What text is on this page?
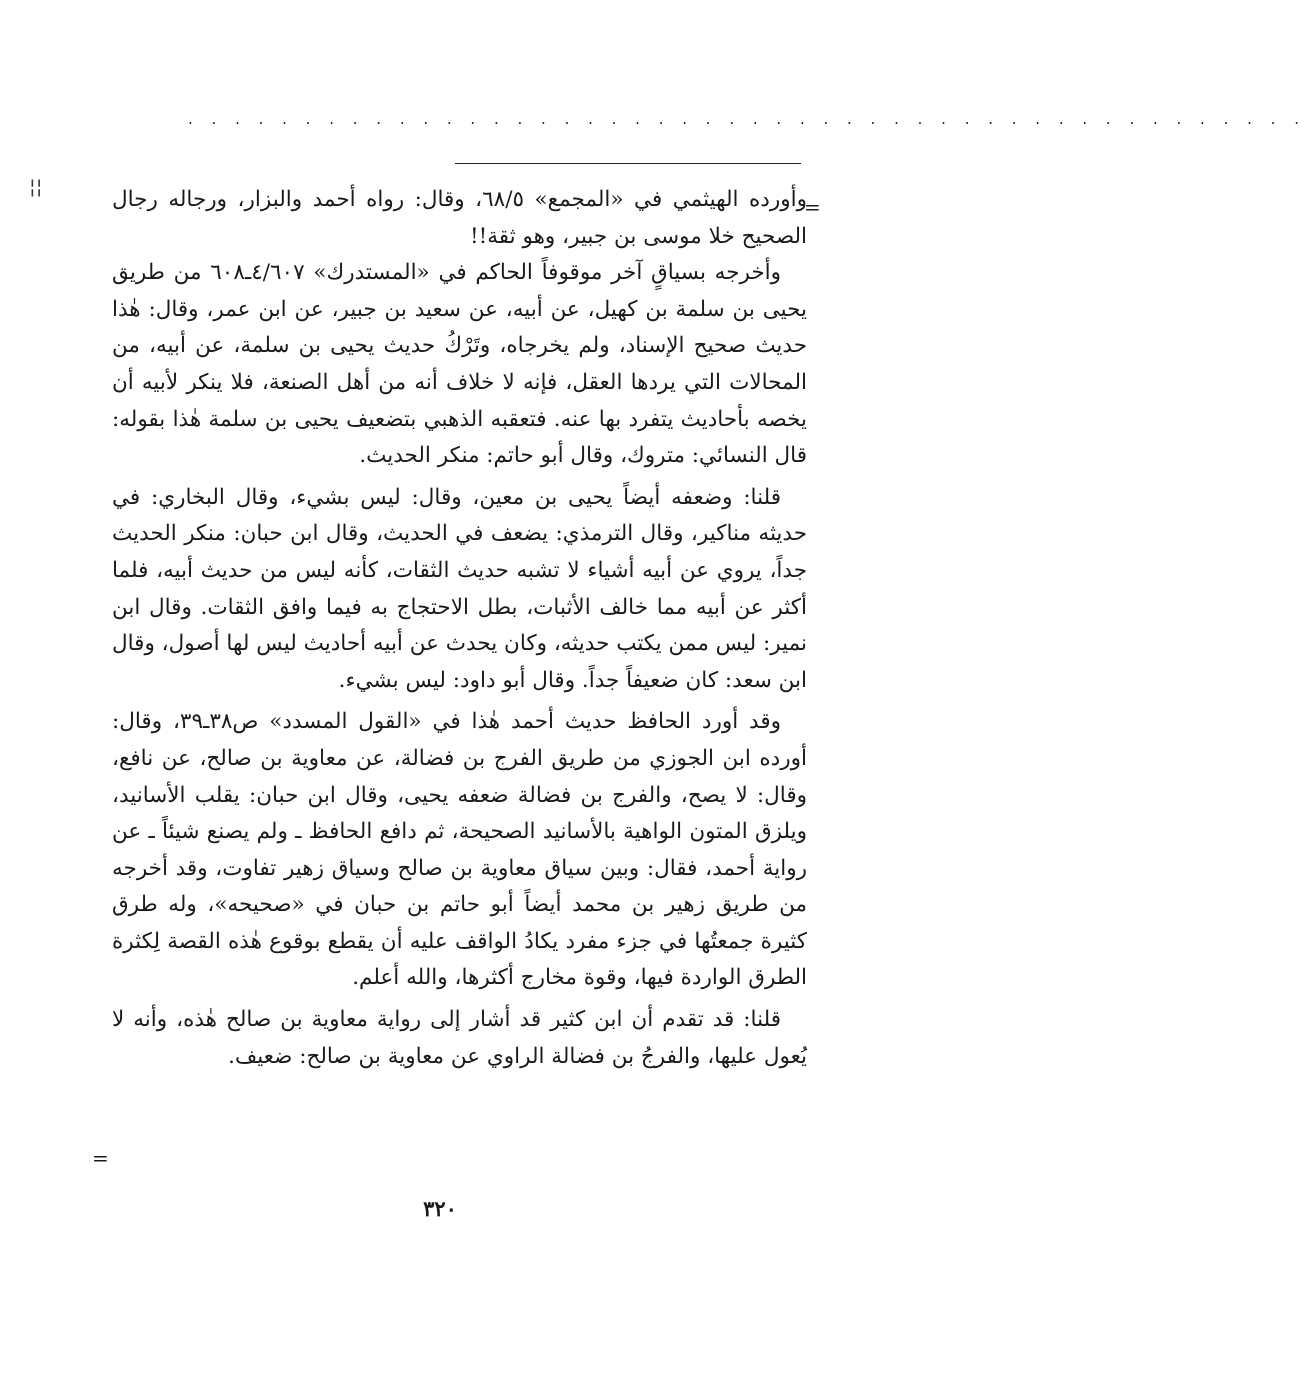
· · · · · · · · · · · · · · · · · · · · · · · · · · · · · · · · · · · · · · · · · · · · · · · ·
¦¦
=

وأورده الهيثمي في «المجمع» ٦٨/٥، وقال: رواه أحمد والبزار، ورجاله رجال الصحيح خلا موسى بن جبير، وهو ثقة!!

وأخرجه بسياقٍ آخر موقوفاً الحاكم في «المستدرك» ٤/٦٠٧ـ٦٠٨ من طريق يحيى بن سلمة بن كهيل، عن أبيه، عن سعيد بن جبير، عن ابن عمر، وقال: هٰذا حديث صحيح الإسناد، ولم يخرجاه، وتَرْكُ حديث يحيى بن سلمة، عن أبيه، من المحالات التي يردها العقل، فإنه لا خلاف أنه من أهل الصنعة، فلا ينكر لأبيه أن يخصه بأحاديث يتفرد بها عنه. فتعقبه الذهبي بتضعيف يحيى بن سلمة هٰذا بقوله: قال النسائي: متروك، وقال أبو حاتم: منكر الحديث.

قلنا: وضعفه أيضاً يحيى بن معين، وقال: ليس بشيء، وقال البخاري: في حديثه مناكير، وقال الترمذي: يضعف في الحديث، وقال ابن حبان: منكر الحديث جداً، يروي عن أبيه أشياء لا تشبه حديث الثقات، كأنه ليس من حديث أبيه، فلما أكثر عن أبيه مما خالف الأثبات، بطل الاحتجاج به فيما وافق الثقات. وقال ابن نمير: ليس ممن يكتب حديثه، وكان يحدث عن أبيه أحاديث ليس لها أصول، وقال ابن سعد: كان ضعيفاً جداً. وقال أبو داود: ليس بشيء.

وقد أورد الحافظ حديث أحمد هٰذا في «القول المسدد» ص٣٨ـ٣٩، وقال: أورده ابن الجوزي من طريق الفرج بن فضالة، عن معاوية بن صالح، عن نافع، وقال: لا يصح، والفرج بن فضالة ضعفه يحيى، وقال ابن حبان: يقلب الأسانيد، ويلزق المتون الواهية بالأسانيد الصحيحة، ثم دافع الحافظ ـ ولم يصنع شيئاً ـ عن رواية أحمد، فقال: وبين سياق معاوية بن صالح وسياق زهير تفاوت، وقد أخرجه من طريق زهير بن محمد أيضاً أبو حاتم بن حبان في «صحيحه»، وله طرق كثيرة جمعتُها في جزء مفرد يكادُ الواقف عليه أن يقطع بوقوع هٰذه القصة لِكثرة الطرق الواردة فيها، وقوة مخارج أكثرها، والله أعلم.

قلنا: قد تقدم أن ابن كثير قد أشار إلى رواية معاوية بن صالح هٰذه، وأنه لا يُعول عليها، والفرجُ بن فضالة الراوي عن معاوية بن صالح: ضعيف.

=
٣٢٠
